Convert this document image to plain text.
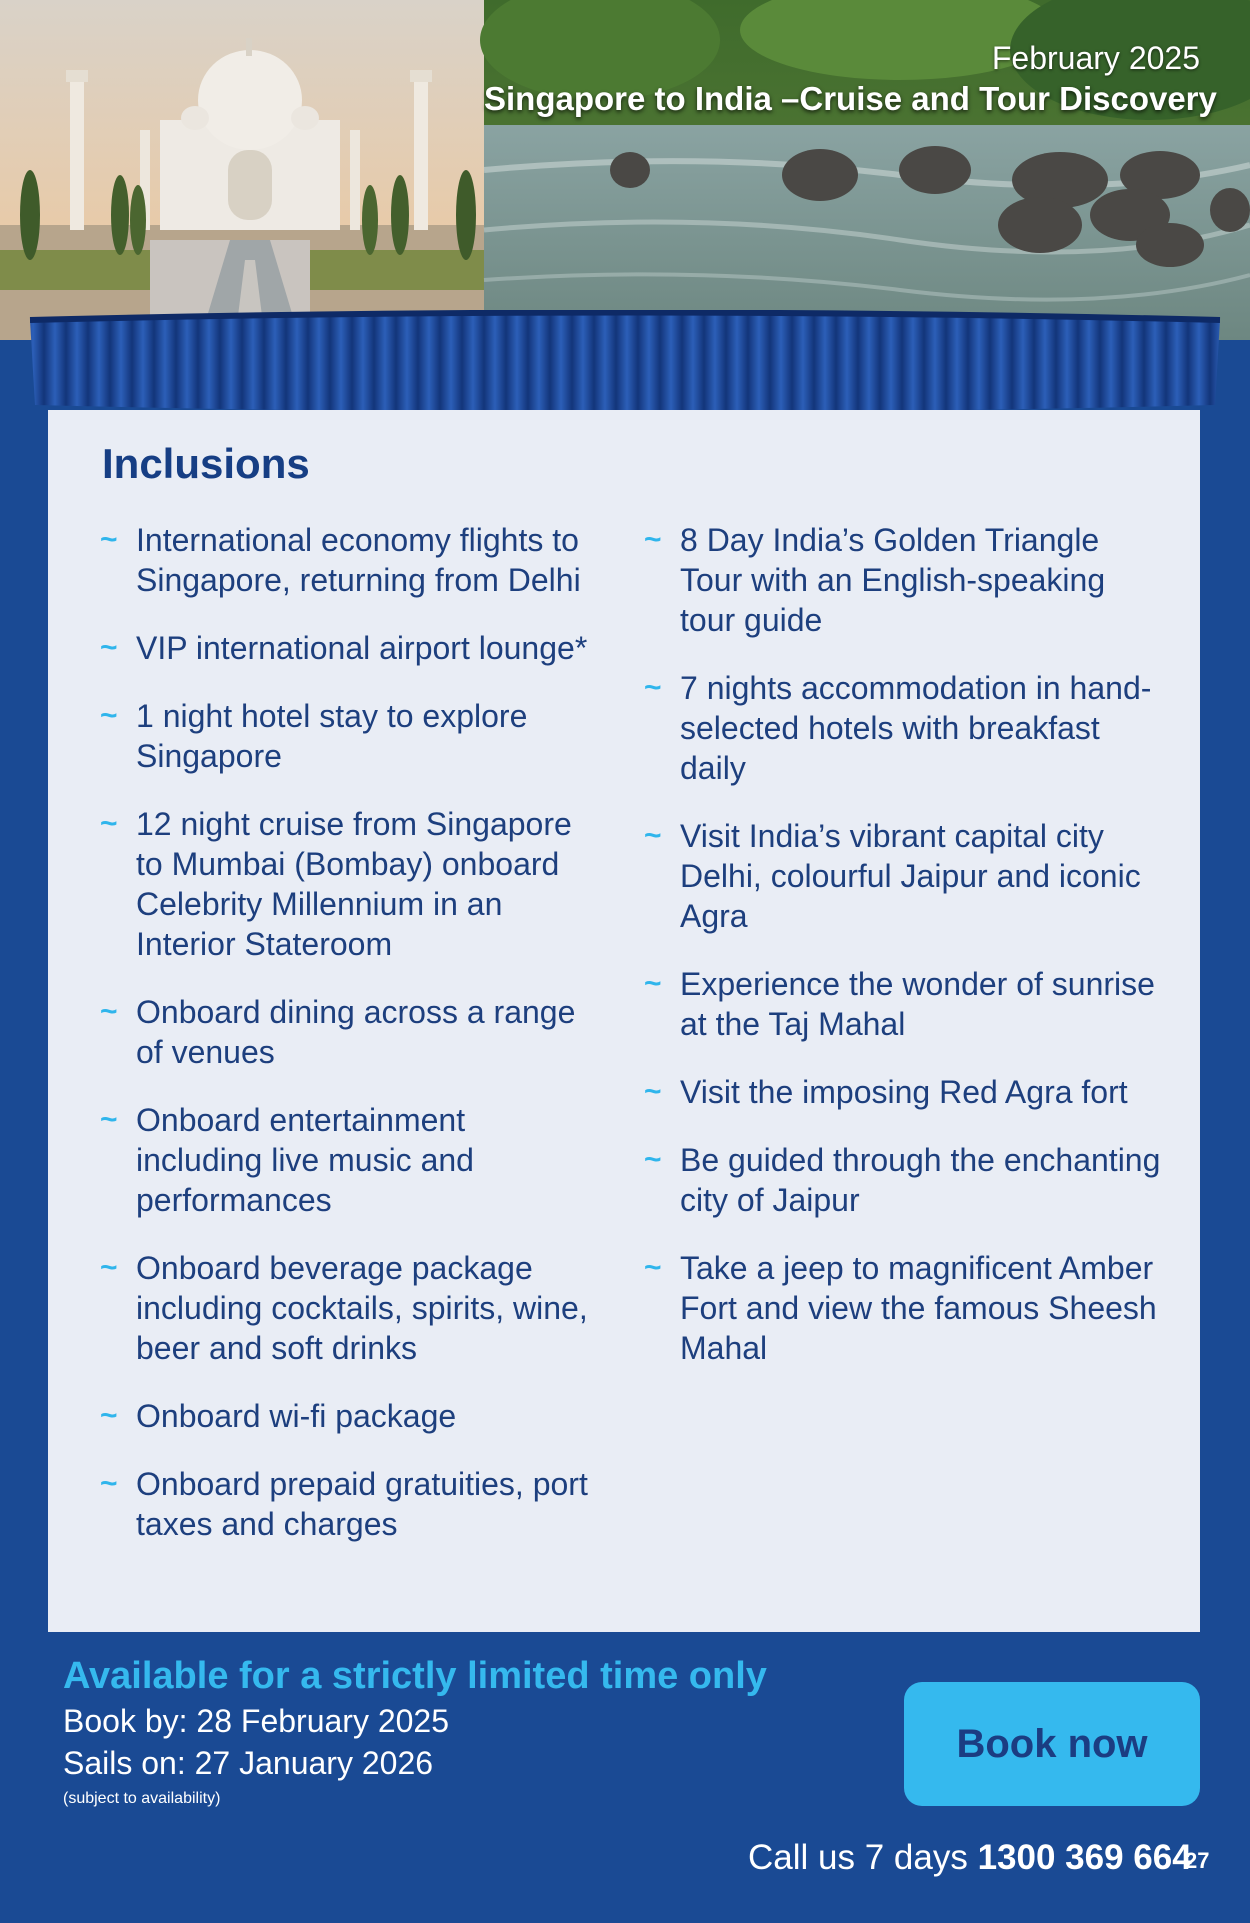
February 2025
Singapore to India –Cruise and Tour Discovery
Inclusions
~ International economy flights to Singapore, returning from Delhi
~ VIP international airport lounge*
~ 1 night hotel stay to explore Singapore
~ 12 night cruise from Singapore to Mumbai (Bombay) onboard Celebrity Millennium in an Interior Stateroom
~ Onboard dining across a range of venues
~ Onboard entertainment including live music and performances
~ Onboard beverage package including cocktails, spirits, wine, beer and soft drinks
~ Onboard wi-fi package
~ Onboard prepaid gratuities, port taxes and charges
~ 8 Day India’s Golden Triangle Tour with an English-speaking tour guide
~ 7 nights accommodation in hand-selected hotels with breakfast daily
~ Visit India’s vibrant capital city Delhi, colourful Jaipur and iconic Agra
~ Experience the wonder of sunrise at the Taj Mahal
~ Visit the imposing Red Agra fort
~ Be guided through the enchanting city of Jaipur
~ Take a jeep to magnificent Amber Fort and view the famous Sheesh Mahal
Available for a strictly limited time only
Book by: 28 February 2025
Sails on: 27 January 2026
(subject to availability)
Book now
Call us 7 days 1300 369 664
27
